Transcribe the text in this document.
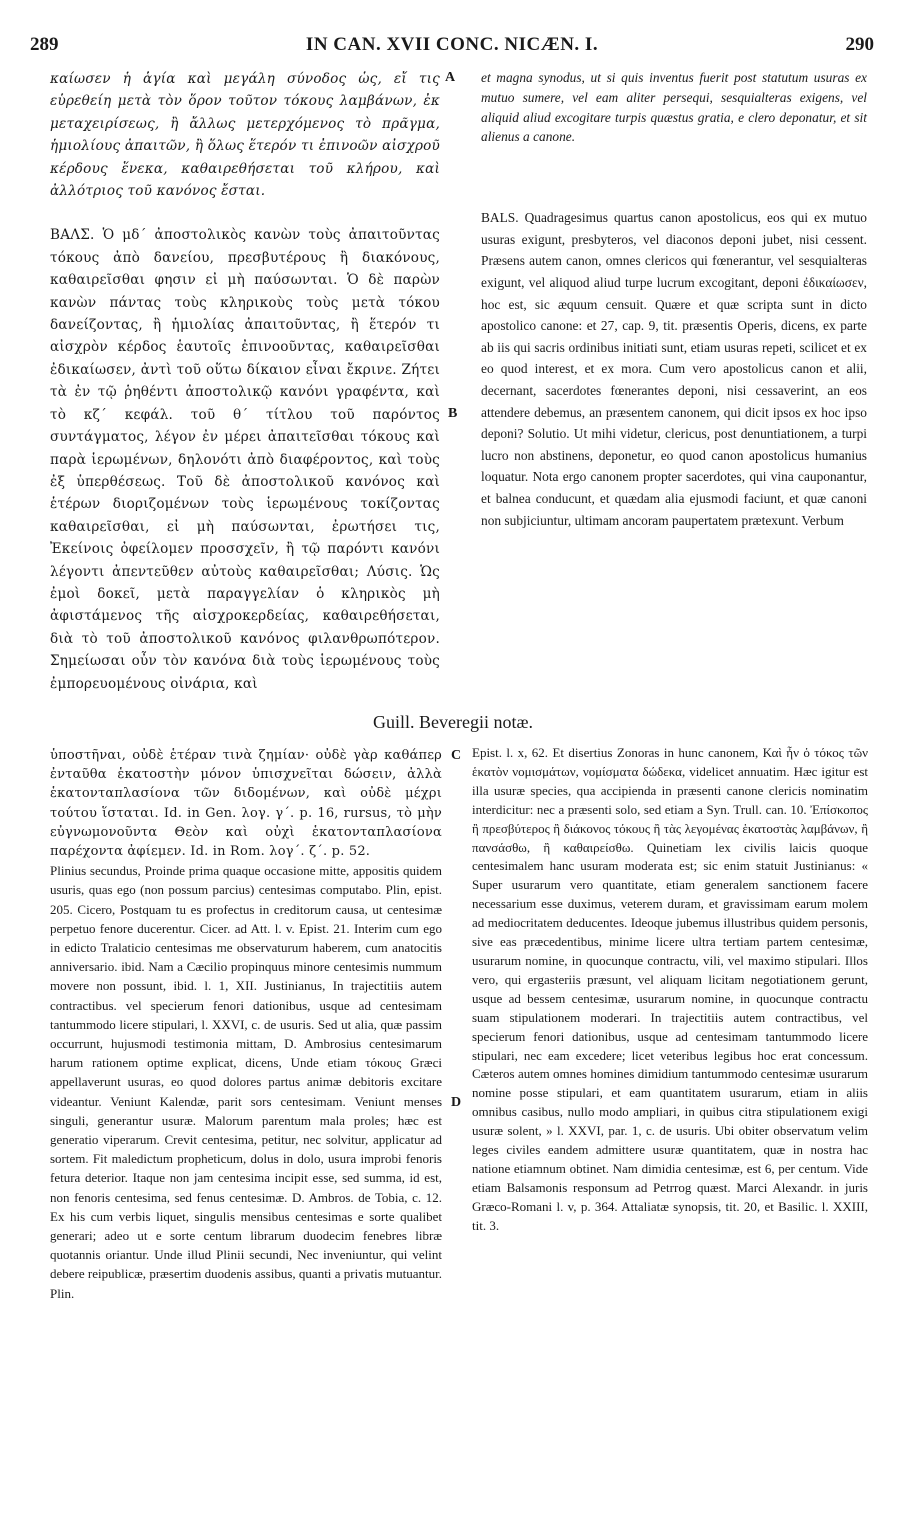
289	IN CAN. XVII CONC. NICÆN. I.	290

καίωσεν ἡ ἁγία καὶ μεγάλη σύνοδος ὡς, εἴ τις εὑρεθείη μετὰ τὸν ὅρον τοῦτον τόκους λαμβάνων, ἐκ μεταχειρίσεως, ἢ ἄλλως μετερχόμενος τὸ πρᾶγμα, ἡμιολίους ἀπαιτῶν, ἢ ὅλως ἕτερόν τι ἐπινοῶν αἰσχροῦ κέρδους ἕνεκα, καθαιρεθήσεται τοῦ κλήρου, καὶ ἀλλότριος τοῦ κανόνος ἔσται.

ΒΑΛΣ. Ὁ μδ´ ἀποστολικὸς κανὼν τοὺς ἀπαιτοῦντας τόκους ἀπὸ δανείου, πρεσβυτέρους ἢ διακόνους, καθαιρεῖσθαι φησιν εἰ μὴ παύσωνται. Ὁ δὲ παρὼν κανὼν πάντας τοὺς κληρικοὺς τοὺς μετὰ τόκου δανείζοντας, ἢ ἡμιολίας ἀπαιτοῦντας, ἢ ἕτερόν τι αἰσχρὸν κέρδος ἑαυτοῖς ἐπινοοῦντας, καθαιρεῖσθαι ἐδικαίωσεν, ἀντὶ τοῦ οὕτω δίκαιον εἶναι ἔκρινε. Ζήτει τὰ ἐν τῷ ῥηθέντι ἀποστολικῷ κανόνι γραφέντα, καὶ τὸ κζ´ κεφάλ. τοῦ θ´ τίτλου τοῦ παρόντος συντάγματος, λέγον ἐν μέρει ἀπαιτεῖσθαι τόκους καὶ παρὰ ἱερωμένων, δηλονότι ἀπὸ διαφέροντος, καὶ τοὺς ἐξ ὑπερθέσεως. Τοῦ δὲ ἀποστολικοῦ κανόνος καὶ ἑτέρων διοριζομένων τοὺς ἱερωμένους τοκίζοντας καθαιρεῖσθαι, εἰ μὴ παύσωνται, ἐρωτήσει τις, Ἐκείνοις ὀφείλομεν προσσχεῖν, ἢ τῷ παρόντι κανόνι λέγοντι ἀπεντεῦθεν αὐτοὺς καθαιρεῖσθαι; Λύσις. Ὡς ἐμοὶ δοκεῖ, μετὰ παραγγελίαν ὁ κληρικὸς μὴ ἀφιστάμενος τῆς αἰσχροκερδείας, καθαιρεθήσεται, διὰ τὸ τοῦ ἀποστολικοῦ κανόνος φιλανθρωπότερον. Σημείωσαι οὖν τὸν κανόνα διὰ τοὺς ἱερωμένους τοὺς ἐμπορευομένους οἰνάρια, καὶ

A
B

et magna synodus, ut si quis inventus fuerit post statutum usuras ex mutuo sumere, vel eam aliter persequi, sesquialteras exigens, vel aliquid aliud excogitare turpis quæstus gratia, e clero deponatur, et sit alienus a canone.

BALS. Quadragesimus quartus canon apostolicus, eos qui ex mutuo usuras exigunt, presbyteros, vel diaconos deponi jubet, nisi cessent. Præsens autem canon, omnes clericos qui fœnerantur, vel sesquialteras exigunt, vel aliquod aliud turpe lucrum excogitant, deponi ἐδικαίωσεν, hoc est, sic æquum censuit. Quære et quæ scripta sunt in dicto apostolico canone: et 27, cap. 9, tit. præsentis Operis, dicens, ex parte ab iis qui sacris ordinibus initiati sunt, etiam usuras repeti, scilicet et ex eo quod interest, et ex mora. Cum vero apostolicus canon et alii, decernant, sacerdotes fœnerantes deponi, nisi cessaverint, an eos attendere debemus, an præsentem canonem, qui dicit ipsos ex hoc ipso deponi? Solutio. Ut mihi videtur, clericus, post denuntiationem, a turpi lucro non abstinens, deponetur, eo quod canon apostolicus humanius loquatur. Nota ergo canonem propter sacerdotes, qui vina cauponantur, et balnea conducunt, et quædam alia ejusmodi faciunt, et quæ canoni non subjiciuntur, ultimam ancoram paupertatem prætexunt. Verbum

Guill. Beveregii notæ.

ὑποστῆναι, οὐδὲ ἑτέραν τινὰ ζημίαν· οὐδὲ γὰρ καθάπερ ἐνταῦθα ἑκατοστὴν μόνον ὑπισχνεῖται δώσειν, ἀλλὰ ἑκατονταπλασίονα τῶν διδομένων, καὶ οὐδὲ μέχρι τούτου ἵσταται. Id. in Gen. λογ. γ´. p. 16, rursus, τὸ μὴν εὐγνωμονοῦντα Θεὸν καὶ οὐχὶ ἑκατονταπλασίονα παρέχοντα ἀφίεμεν. Id. in Rom. λογ´. ζ´. p. 52.

Plinius secundus, Proinde prima quaque occasione mitte, appositis quidem usuris, quas ego (non possum parcius) centesimas computabo. Plin, epist. 205. Cicero, Postquam tu es profectus in creditorum causa, ut centesimæ perpetuo fenore ducerentur. Cicer. ad Att. l. v. Epist. 21. Interim cum ego in edicto Tralaticio centesimas me observaturum haberem, cum anatocitis anniversario. ibid. Nam a Cæcilio propinquus minore centesimis nummum movere non possunt, ibid. l. 1, XII. Justinianus, In trajectitiis autem contractibus. vel specierum fenori dationibus, usque ad centesimam tantummodo licere stipulari, l. XXVI, c. de usuris. Sed ut alia, quæ passim occurrunt, hujusmodi testimonia mittam, D. Ambrosius centesimarum harum rationem optime explicat, dicens, Unde etiam τόκους Græci appellaverunt usuras, eo quod dolores partus animæ debitoris excitare videantur. Veniunt Kalendæ, parit sors centesimam. Veniunt menses singuli, generantur usuræ. Malorum parentum mala proles; hæc est generatio viperarum. Crevit centesima, petitur, nec solvitur, applicatur ad sortem. Fit maledictum propheticum, dolus in dolo, usura improbi fenoris fetura deterior. Itaque non jam centesima incipit esse, sed summa, id est, non fenoris centesima, sed fenus centesimæ. D. Ambros. de Tobia, c. 12. Ex his cum verbis liquet, singulis mensibus centesimas e sorte qualibet generari; adeo ut e sorte centum librarum duodecim fenebres libræ quotannis oriantur. Unde illud Plinii secundi, Nec inveniuntur, qui velint debere reipublicæ, præsertim duodenis assibus, quanti a privatis mutuantur. Plin.

C
D

Epist. l. x, 62. Et disertius Zonoras in hunc canonem, Καὶ ἦν ὁ τόκος τῶν ἑκατὸν νομισμάτων, νομίσματα δώδεκα, videlicet annuatim. Hæc igitur est illa usuræ species, qua accipienda in præsenti canone clericis nominatim interdicitur: nec a præsenti solo, sed etiam a Syn. Trull. can. 10. Ἐπίσκοπος ἢ πρεσβύτερος ἢ διάκονος τόκους ἢ τὰς λεγομένας ἑκατοστὰς λαμβάνων, ἢ πανσάσθω, ἢ καθαιρείσθω. Quinetiam lex civilis laicis quoque centesimalem hanc usuram moderata est; sic enim statuit Justinianus: « Super usurarum vero quantitate, etiam generalem sanctionem facere necessarium esse duximus, veterem duram, et gravissimam earum molem ad mediocritatem deducentes. Ideoque jubemus illustribus quidem personis, sive eas præcedentibus, minime licere ultra tertiam partem centesimæ, usurarum nomine, in quocunque contractu, vili, vel maximo stipulari. Illos vero, qui ergasteriis præsunt, vel aliquam licitam negotiationem gerunt, usque ad bessem centesimæ, usurarum nomine, in quocunque contractu suam stipulationem moderari. In trajectitiis autem contractibus, vel specierum fenori dationibus, usque ad centesimam tantummodo licere stipulari, nec eam excedere; licet veteribus legibus hoc erat concessum. Cæteros autem omnes homines dimidium tantummodo centesimæ usurarum nomine posse stipulari, et eam quantitatem usurarum, etiam in aliis omnibus casibus, nullo modo ampliari, in quibus citra stipulationem exigi usuræ solent, » l. XXVI, par. 1, c. de usuris. Ubi obiter observatum velim leges civiles eandem admittere usuræ quantitatem, quæ in nostra hac natione etiamnum obtinet. Nam dimidia centesimæ, est 6, per centum. Vide etiam Balsamonis responsum ad Petrrog quæst. Marci Alexandr. in juris Græco-Romani l. v, p. 364. Attaliatæ synopsis, tit. 20, et Basilic. l. XXIII, tit. 3.
